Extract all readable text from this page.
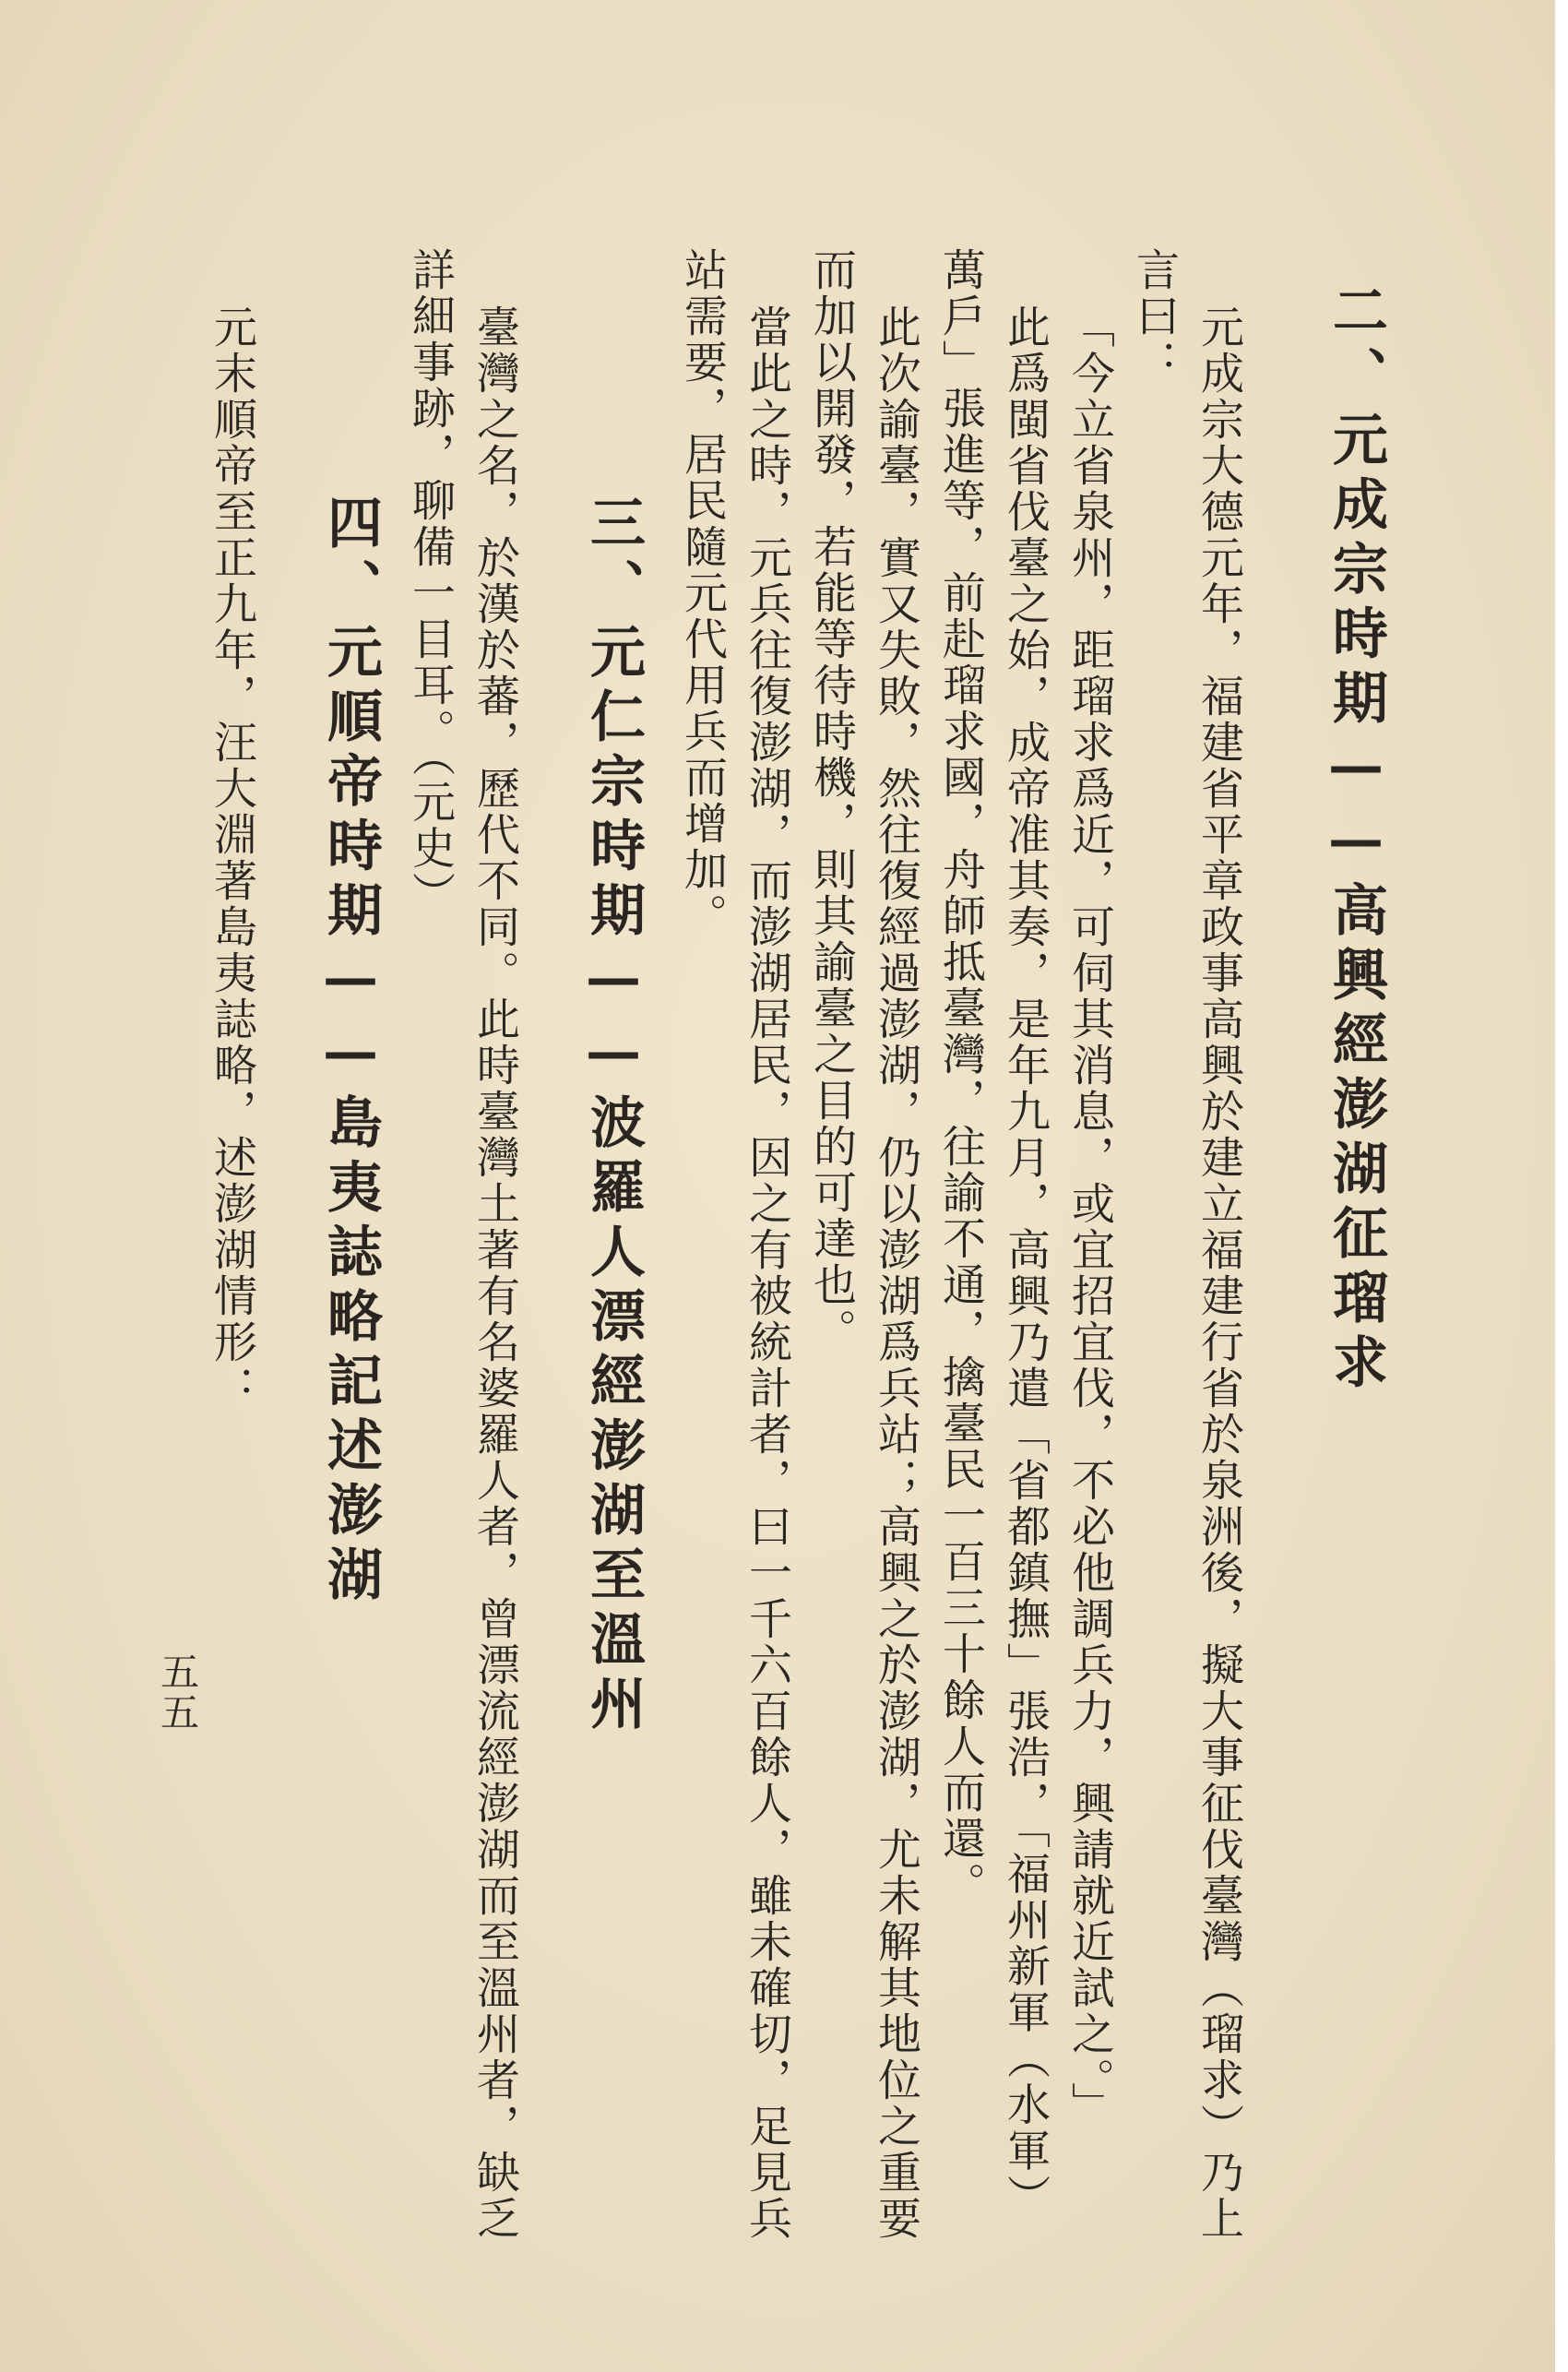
二、元成宗時期——高興經澎湖征瑠求
元成宗大德元年，福建省平章政事高興於建立福建行省於泉洲後，擬大事征伐臺灣（瑠求）乃上
言曰：
「今立省泉州，距瑠求爲近，可伺其消息，或宜招宜伐，不必他調兵力，興請就近試之。」
此爲閩省伐臺之始，成帝准其奏，是年九月，高興乃遣「省都鎮撫」張浩，「福州新軍（水軍）
萬戶」張進等，前赴瑠求國，舟師抵臺灣，往諭不通，擒臺民一百三十餘人而還。
此次諭臺，實又失敗，然往復經過澎湖，仍以澎湖爲兵站；高興之於澎湖，尤未解其地位之重要
而加以開發，若能等待時機，則其諭臺之目的可達也。
當此之時，元兵往復澎湖，而澎湖居民，因之有被統計者，曰一千六百餘人，雖未確切，足見兵
站需要，居民隨元代用兵而增加。
三、元仁宗時期——波羅人漂經澎湖至溫州
臺灣之名，於漢於蕃，歷代不同。此時臺灣土著有名婆羅人者，曾漂流經澎湖而至溫州者，缺乏
詳細事跡，聊備一目耳。（元史）
四、元順帝時期——島夷誌略記述澎湖
元末順帝至正九年，汪大淵著島夷誌略，述澎湖情形：
五五
